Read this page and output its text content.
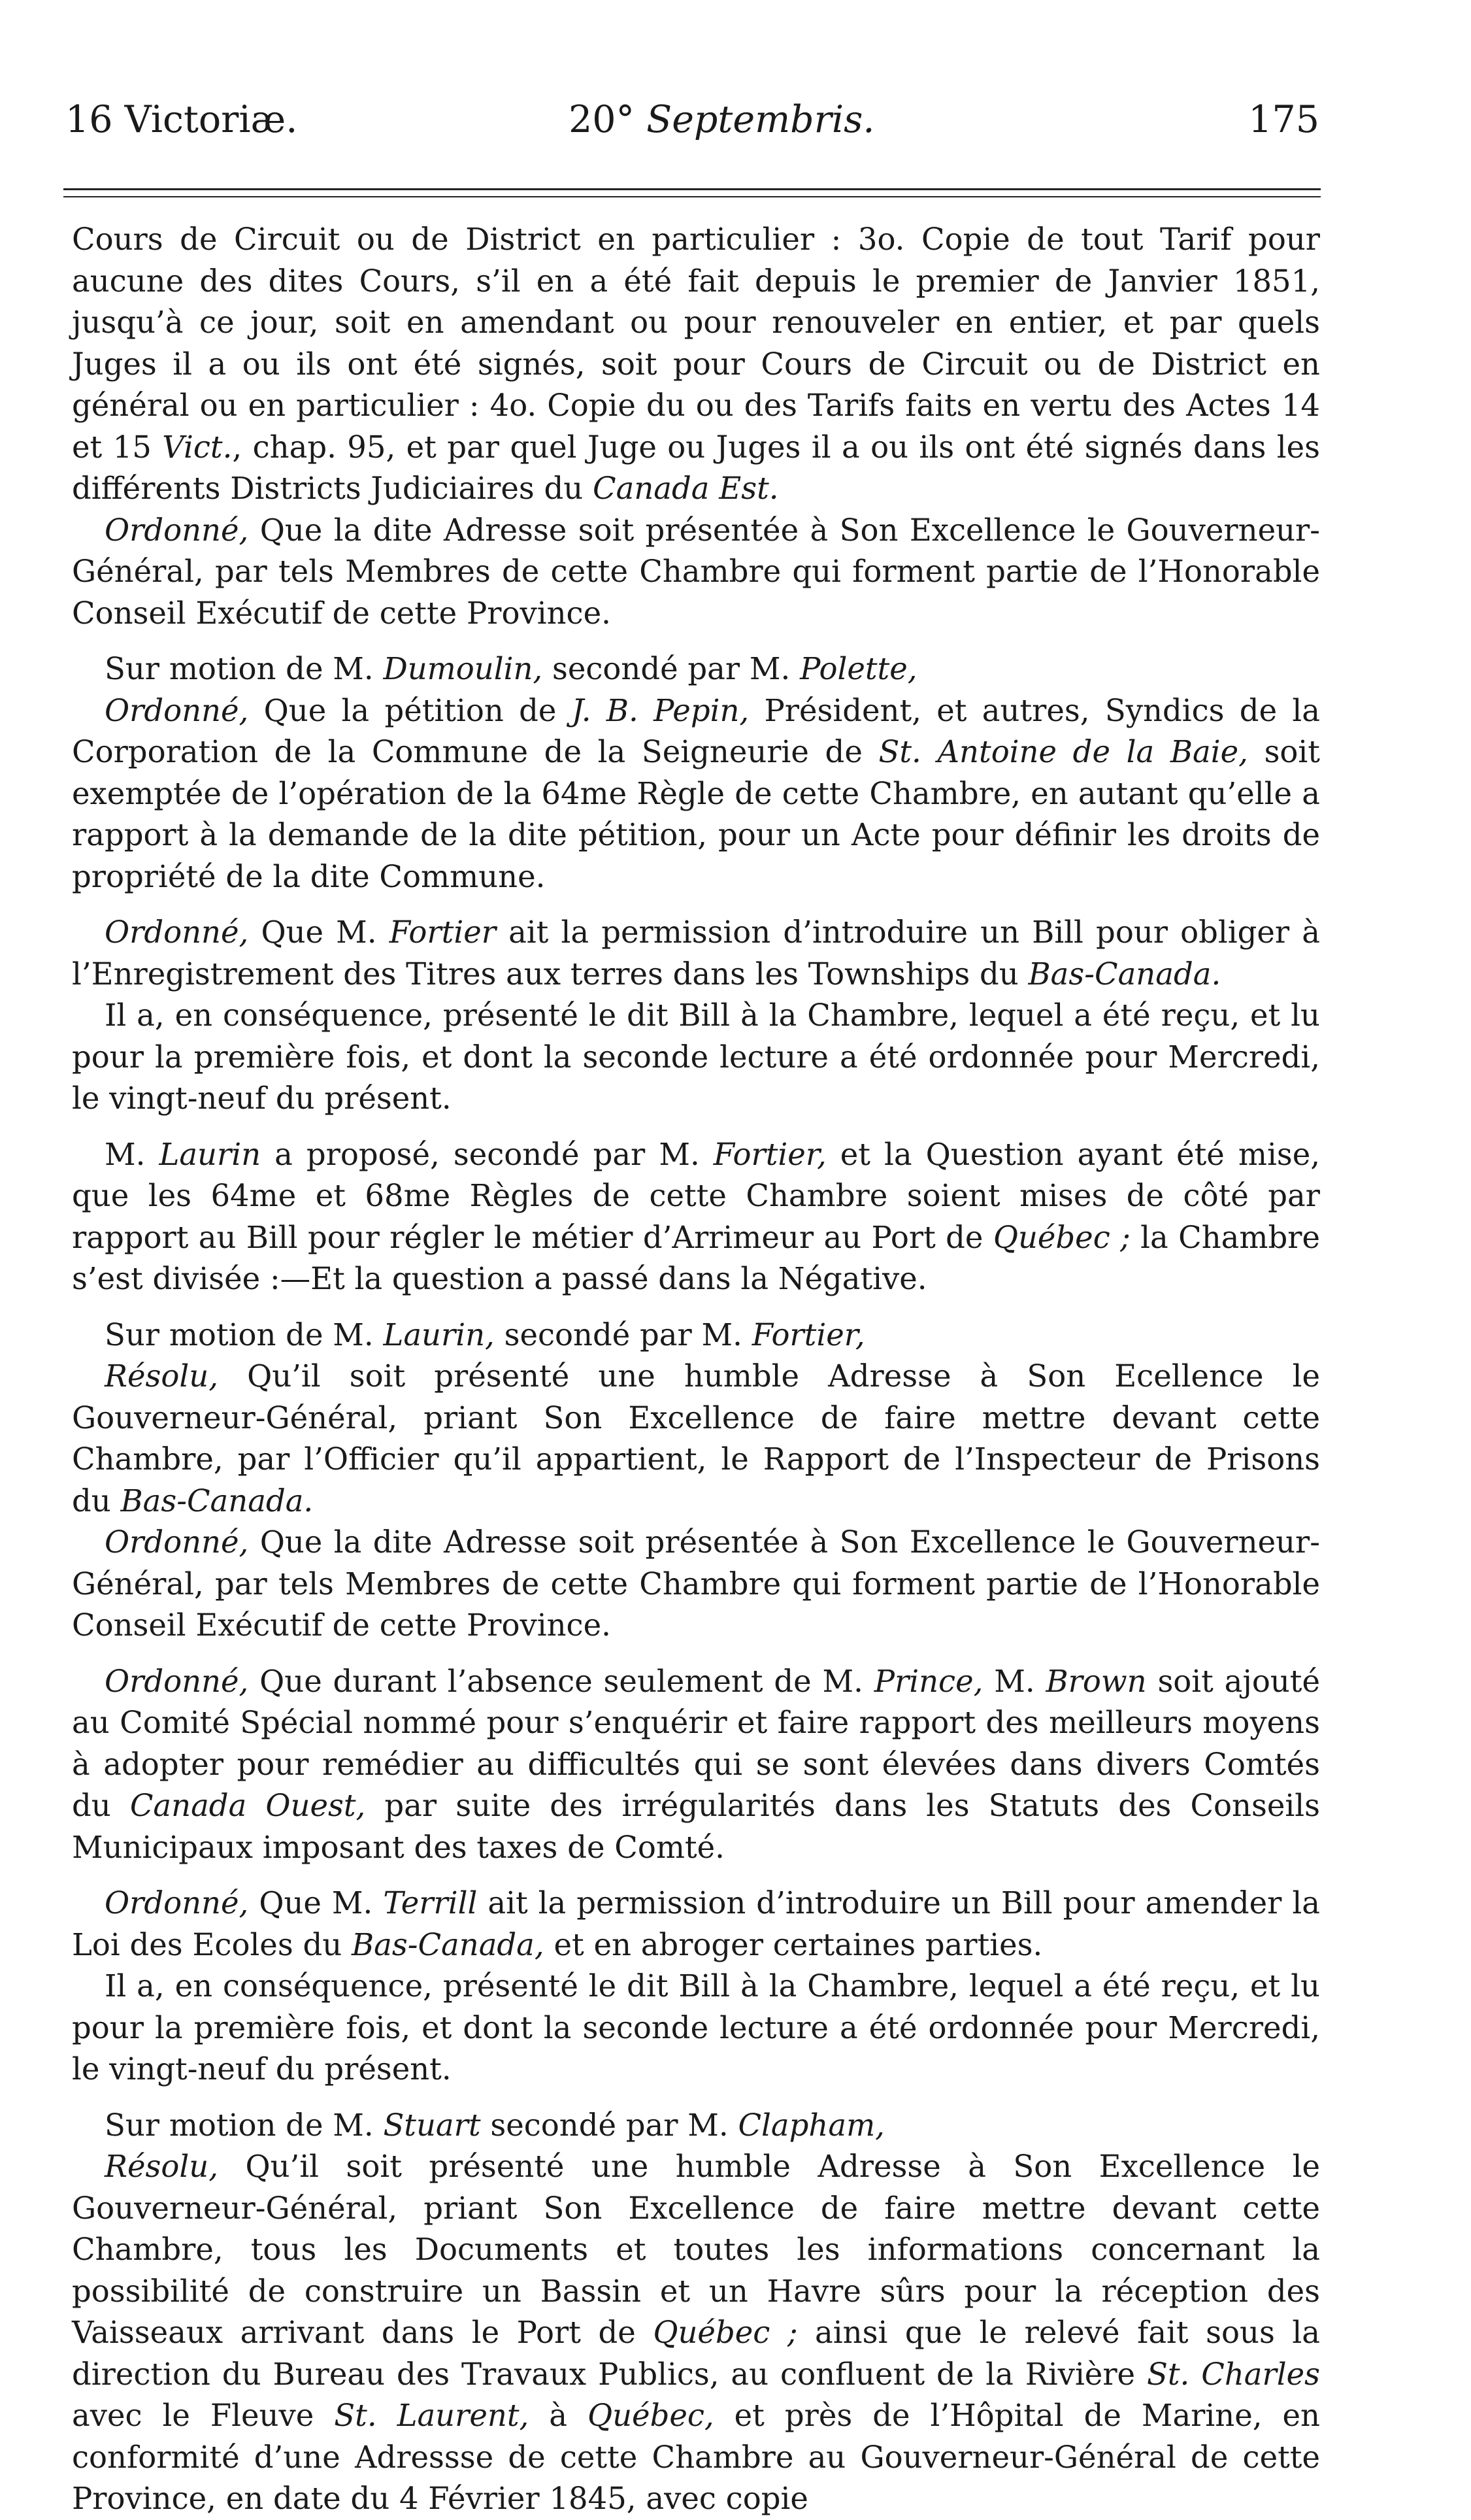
16 Victoriæ.	20° Septembris.	175

Cours de Circuit ou de District en particulier : 3o. Copie de tout Tarif pour aucune des dites Cours, s’il en a été fait depuis le premier de Janvier 1851, jusqu’à ce jour, soit en amendant ou pour renouveler en entier, et par quels Juges il a ou ils ont été signés, soit pour Cours de Circuit ou de District en général ou en particulier : 4o. Copie du ou des Tarifs faits en vertu des Actes 14 et 15 Vict., chap. 95, et par quel Juge ou Juges il a ou ils ont été signés dans les différents Districts Judiciaires du Canada Est.

Ordonné, Que la dite Adresse soit présentée à Son Excellence le Gouverneur-Général, par tels Membres de cette Chambre qui forment partie de l’Honorable Conseil Exécutif de cette Province.

Sur motion de M. Dumoulin, secondé par M. Polette,

Ordonné, Que la pétition de J. B. Pepin, Président, et autres, Syndics de la Corporation de la Commune de la Seigneurie de St. Antoine de la Baie, soit exemptée de l’opération de la 64me Règle de cette Chambre, en autant qu’elle a rapport à la demande de la dite pétition, pour un Acte pour définir les droits de propriété de la dite Commune.

Ordonné, Que M. Fortier ait la permission d’introduire un Bill pour obliger à l’Enregistrement des Titres aux terres dans les Townships du Bas-Canada.

Il a, en conséquence, présenté le dit Bill à la Chambre, lequel a été reçu, et lu pour la première fois, et dont la seconde lecture a été ordonnée pour Mercredi, le vingt-neuf du présent.

M. Laurin a proposé, secondé par M. Fortier, et la Question ayant été mise, que les 64me et 68me Règles de cette Chambre soient mises de côté par rapport au Bill pour régler le métier d’Arrimeur au Port de Québec ; la Chambre s’est divisée :—Et la question a passé dans la Négative.

Sur motion de M. Laurin, secondé par M. Fortier,

Résolu, Qu’il soit présenté une humble Adresse à Son Ecellence le Gouverneur-Général, priant Son Excellence de faire mettre devant cette Chambre, par l’Officier qu’il appartient, le Rapport de l’Inspecteur de Prisons du Bas-Canada.

Ordonné, Que la dite Adresse soit présentée à Son Excellence le Gouverneur-Général, par tels Membres de cette Chambre qui forment partie de l’Honorable Conseil Exécutif de cette Province.

Ordonné, Que durant l’absence seulement de M. Prince, M. Brown soit ajouté au Comité Spécial nommé pour s’enquérir et faire rapport des meilleurs moyens à adopter pour remédier au difficultés qui se sont élevées dans divers Comtés du Canada Ouest, par suite des irrégularités dans les Statuts des Conseils Municipaux imposant des taxes de Comté.

Ordonné, Que M. Terrill ait la permission d’introduire un Bill pour amender la Loi des Ecoles du Bas-Canada, et en abroger certaines parties.

Il a, en conséquence, présenté le dit Bill à la Chambre, lequel a été reçu, et lu pour la première fois, et dont la seconde lecture a été ordonnée pour Mercredi, le vingt-neuf du présent.

Sur motion de M. Stuart secondé par M. Clapham,

Résolu, Qu’il soit présenté une humble Adresse à Son Excellence le Gouverneur-Général, priant Son Excellence de faire mettre devant cette Chambre, tous les Documents et toutes les informations concernant la possibilité de construire un Bassin et un Havre sûrs pour la réception des Vaisseaux arrivant dans le Port de Québec ; ainsi que le relevé fait sous la direction du Bureau des Travaux Publics, au confluent de la Rivière St. Charles avec le Fleuve St. Laurent, à Québec, et près de l’Hôpital de Marine, en conformité d’une Adressse de cette Chambre au Gouverneur-Général de cette Province, en date du 4 Février 1845, avec copie
